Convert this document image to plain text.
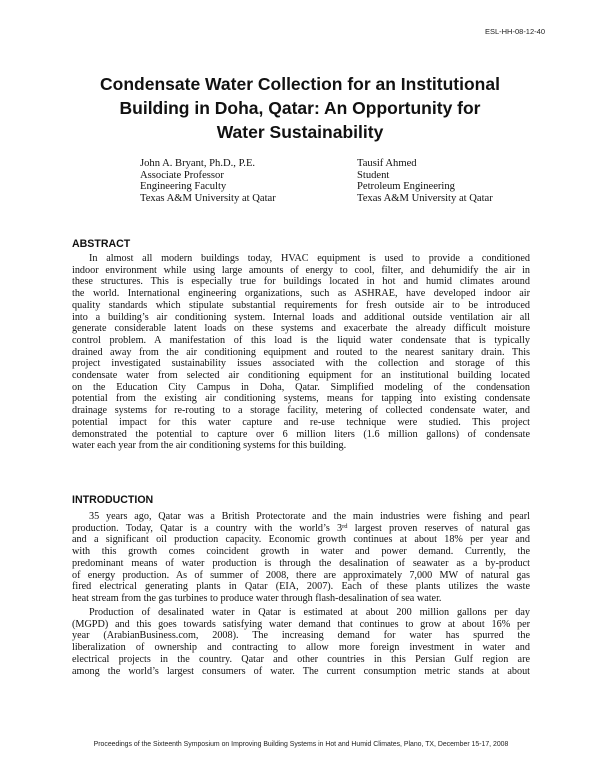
ESL-HH-08-12-40
Condensate Water Collection for an Institutional
Building in Doha, Qatar: An Opportunity for
Water Sustainability
John A. Bryant, Ph.D., P.E.
Associate Professor
Engineering Faculty
Texas A&M University at Qatar
Tausif Ahmed
Student
Petroleum Engineering
Texas A&M University at Qatar
ABSTRACT
In almost all modern buildings today, HVAC equipment is used to provide a conditioned
indoor environment while using large amounts of energy to cool, filter, and dehumidify the air in
these structures. This is especially true for buildings located in hot and humid climates around
the world. International engineering organizations, such as ASHRAE, have developed indoor air
quality standards which stipulate substantial requirements for fresh outside air to be introduced
into a building’s air conditioning system. Internal loads and additional outside ventilation air all
generate considerable latent loads on these systems and exacerbate the already difficult moisture
control problem. A manifestation of this load is the liquid water condensate that is typically
drained away from the air conditioning equipment and routed to the nearest sanitary drain. This
project investigated sustainability issues associated with the collection and storage of this
condensate water from selected air conditioning equipment for an institutional building located
on the Education City Campus in Doha, Qatar. Simplified modeling of the condensation
potential from the existing air conditioning systems, means for tapping into existing condensate
drainage systems for re-routing to a storage facility, metering of collected condensate water, and
potential impact for this water capture and re-use technique were studied. This project
demonstrated the potential to capture over 6 million liters (1.6 million gallons) of condensate
water each year from the air conditioning systems for this building.
INTRODUCTION
35 years ago, Qatar was a British Protectorate and the main industries were fishing and pearl
production. Today, Qatar is a country with the world’s 3rd largest proven reserves of natural gas
and a significant oil production capacity. Economic growth continues at about 18% per year and
with this growth comes coincident growth in water and power demand. Currently, the
predominant means of water production is through the desalination of seawater as a by-product
of energy production. As of summer of 2008, there are approximately 7,000 MW of natural gas
fired electrical generating plants in Qatar (EIA, 2007). Each of these plants utilizes the waste
heat stream from the gas turbines to produce water through flash-desalination of sea water.
Production of desalinated water in Qatar is estimated at about 200 million gallons per day
(MGPD) and this goes towards satisfying water demand that continues to grow at about 16% per
year (ArabianBusiness.com, 2008). The increasing demand for water has spurred the
liberalization of ownership and contracting to allow more foreign investment in water and
electrical projects in the country. Qatar and other countries in this Persian Gulf region are
among the world’s largest consumers of water. The current consumption metric stands at about
Proceedings of the Sixteenth Symposium on Improving Building Systems in Hot and Humid Climates, Plano, TX, December 15-17, 2008
